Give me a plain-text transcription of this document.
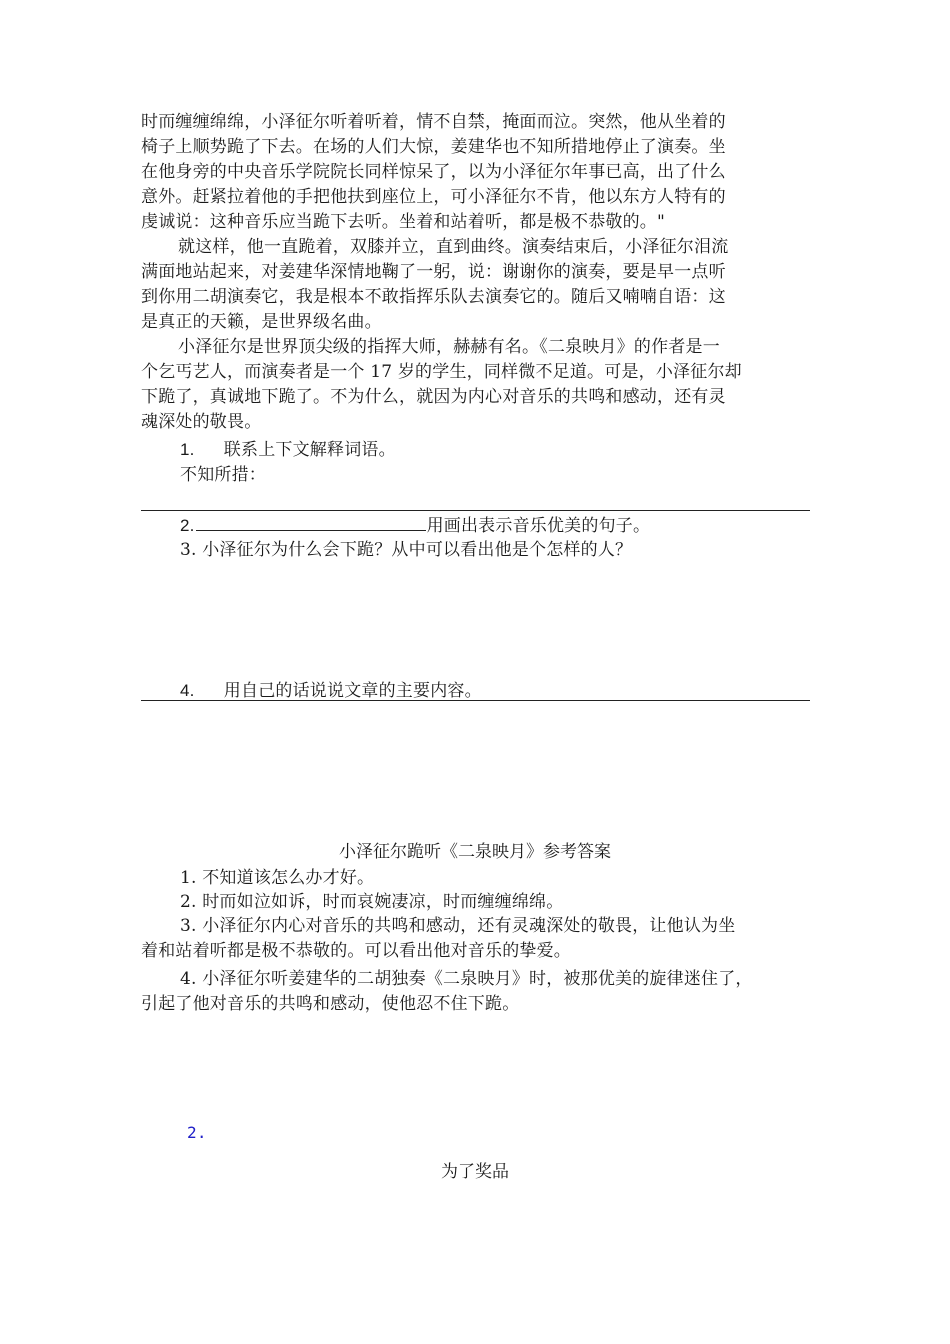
时而缠缠绵绵，小泽征尔听着听着，情不自禁，掩面而泣。突然，他从坐着的
椅子上顺势跪了下去。在场的人们大惊，姜建华也不知所措地停止了演奏。坐
在他身旁的中央音乐学院院长同样惊呆了，以为小泽征尔年事已高，出了什么
意外。赶紧拉着他的手把他扶到座位上，可小泽征尔不肯，他以东方人特有的
虔诚说：这种音乐应当跪下去听。坐着和站着听，都是极不恭敬的。"
就这样，他一直跪着，双膝并立，直到曲终。演奏结束后，小泽征尔泪流
满面地站起来，对姜建华深情地鞠了一躬，说：谢谢你的演奏，要是早一点听
到你用二胡演奏它，我是根本不敢指挥乐队去演奏它的。随后又喃喃自语：这
是真正的天籁，是世界级名曲。
小泽征尔是世界顶尖级的指挥大师，赫赫有名。《二泉映月》的作者是一
个乞丐艺人，而演奏者是一个 17 岁的学生，同样微不足道。可是，小泽征尔却
下跪了，真诚地下跪了。不为什么，就因为内心对音乐的共鸣和感动，还有灵
魂深处的敬畏。
1. 联系上下文解释词语。
不知所措：
2.	用画出表示音乐优美的句子。
3. 小泽征尔为什么会下跪？从中可以看出他是个怎样的人？
4. 用自己的话说说文章的主要内容。
小泽征尔跪听《二泉映月》参考答案
1. 不知道该怎么办才好。
2. 时而如泣如诉，时而哀婉凄凉，时而缠缠绵绵。
3. 小泽征尔内心对音乐的共鸣和感动，还有灵魂深处的敬畏，让他认为坐
着和站着听都是极不恭敬的。可以看出他对音乐的挚爱。
4. 小泽征尔听姜建华的二胡独奏《二泉映月》时，被那优美的旋律迷住了，
引起了他对音乐的共鸣和感动，使他忍不住下跪。
2.
为了奖品
